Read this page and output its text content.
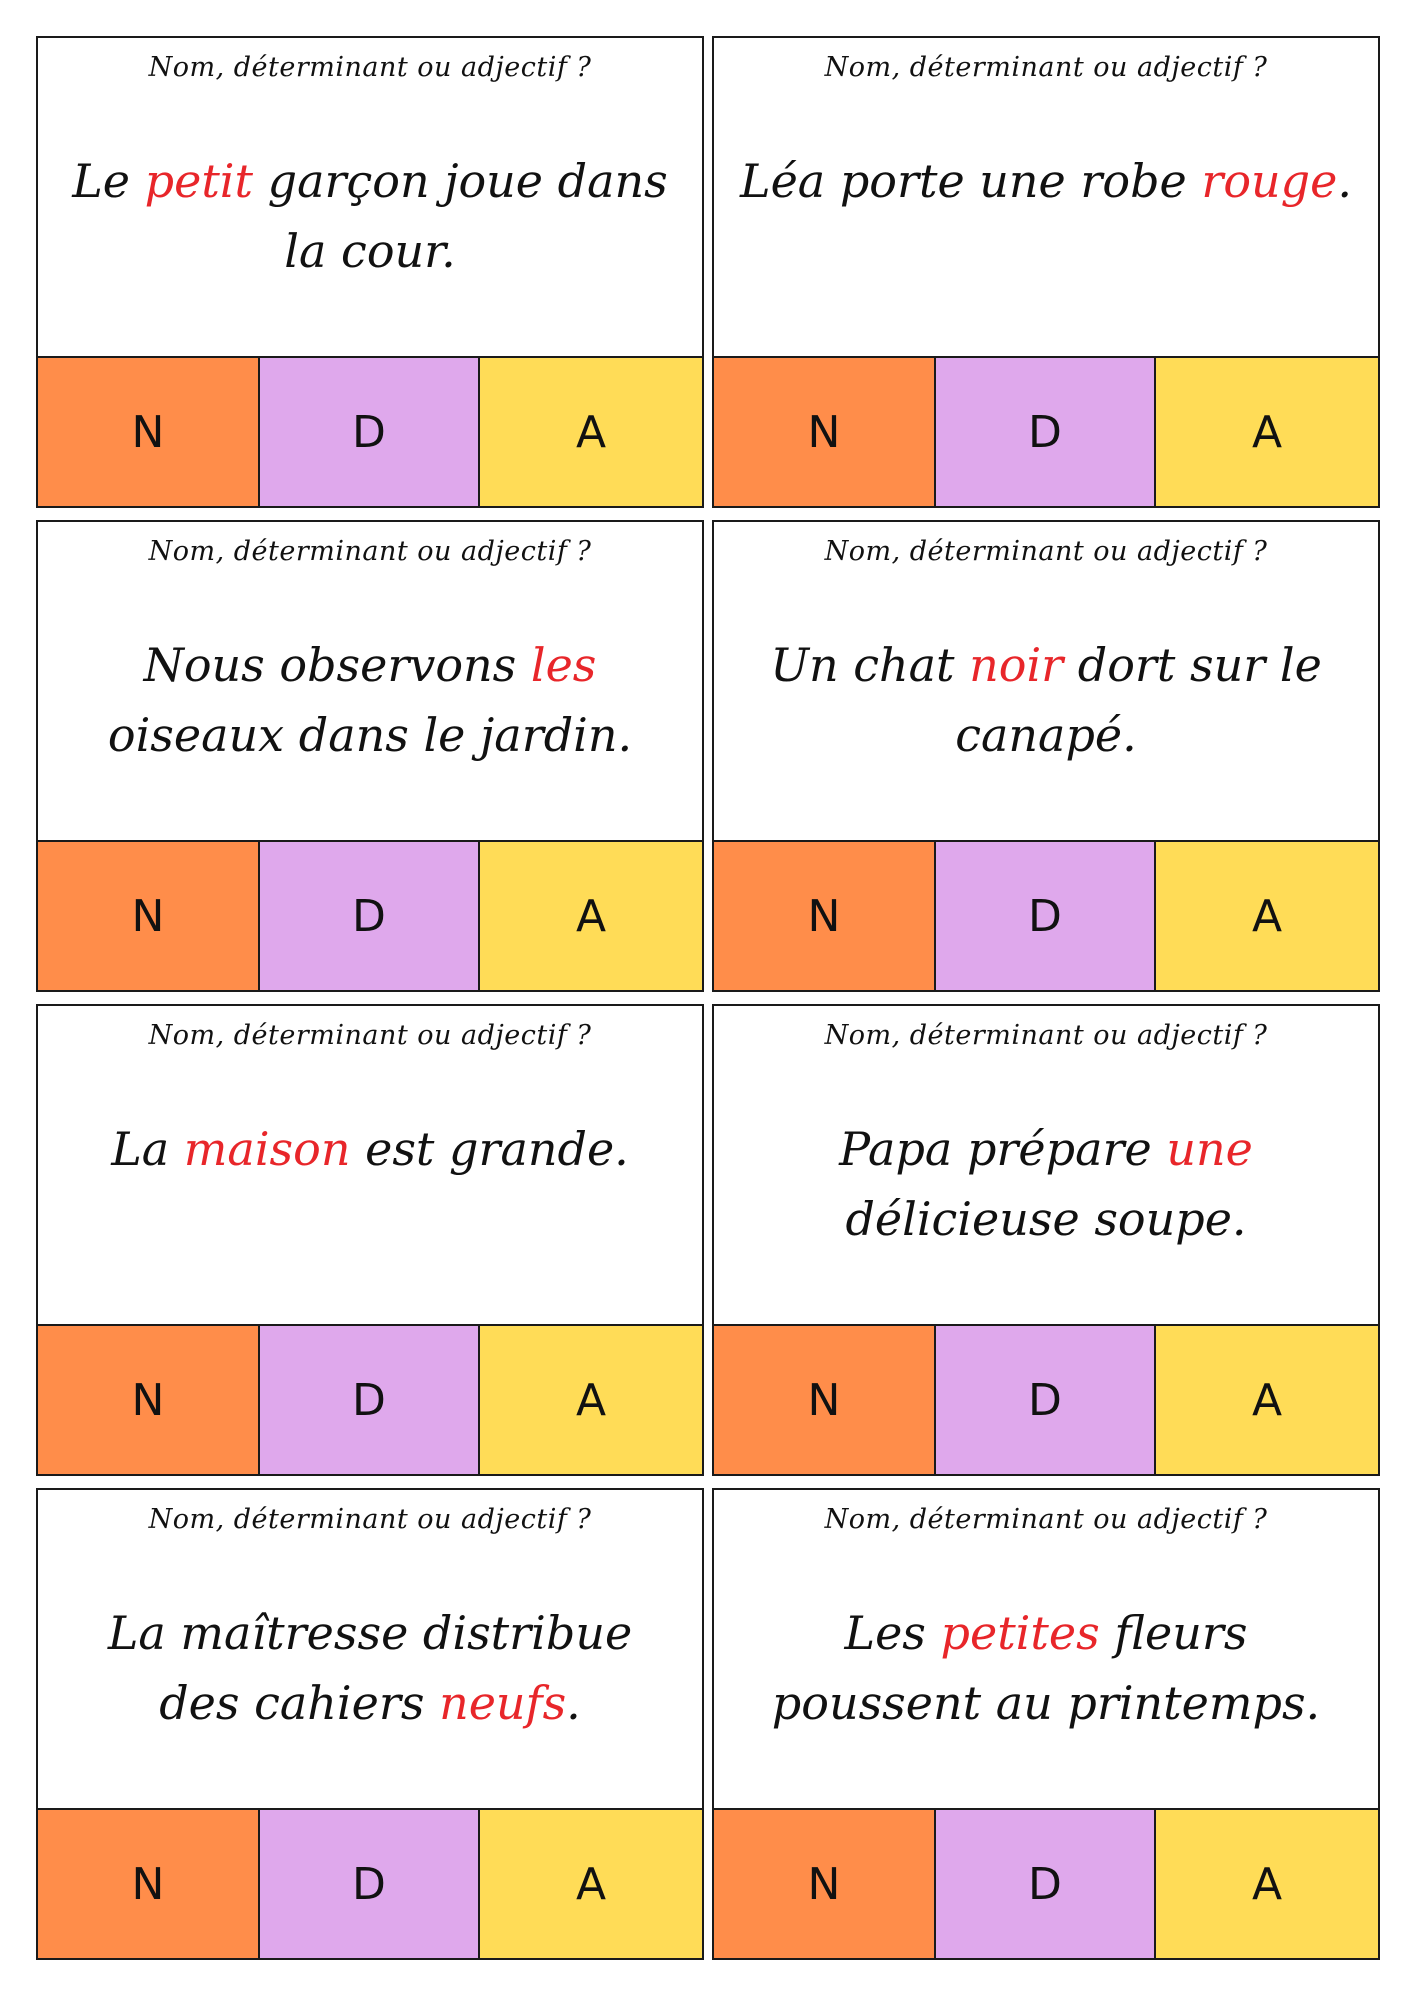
Nom, déterminant ou adjectif ?
Le petit garçon joue dans la cour.
N	D	A
Nom, déterminant ou adjectif ?
Léa porte une robe rouge.
N	D	A
Nom, déterminant ou adjectif ?
Nous observons les oiseaux dans le jardin.
N	D	A
Nom, déterminant ou adjectif ?
Un chat noir dort sur le canapé.
N	D	A
Nom, déterminant ou adjectif ?
La maison est grande.
N	D	A
Nom, déterminant ou adjectif ?
Papa prépare une délicieuse soupe.
N	D	A
Nom, déterminant ou adjectif ?
La maîtresse distribue des cahiers neufs.
N	D	A
Nom, déterminant ou adjectif ?
Les petites fleurs poussent au printemps.
N	D	A
